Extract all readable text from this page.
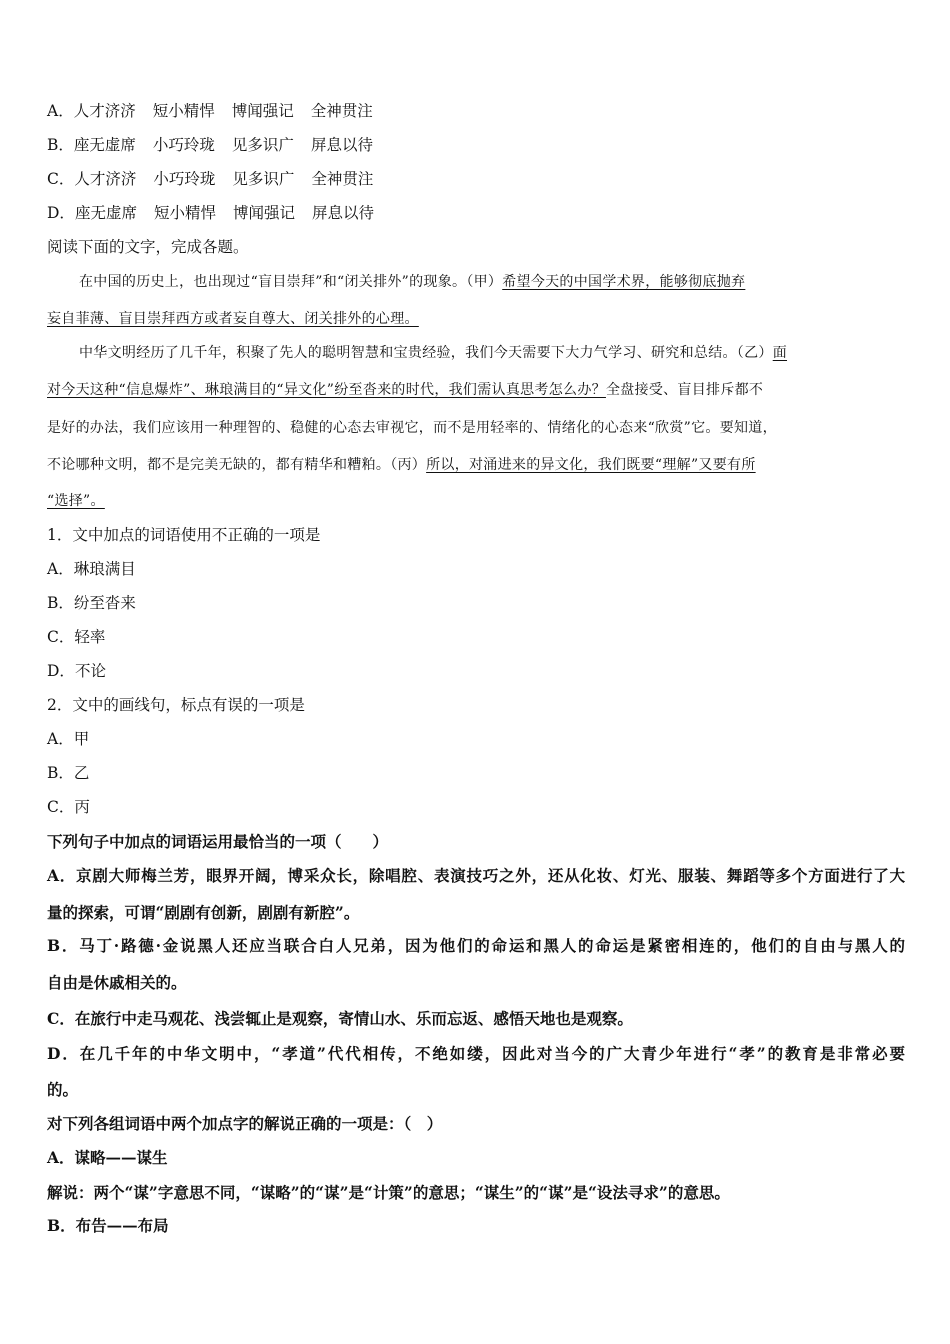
A．人才济济 短小精悍 博闻强记 全神贯注
B．座无虚席 小巧玲珑 见多识广 屏息以待
C．人才济济 小巧玲珑 见多识广 全神贯注
D．座无虚席 短小精悍 博闻强记 屏息以待
阅读下面的文字，完成各题。
在中国的历史上，也出现过“盲目崇拜”和“闭关排外”的现象。（甲）希望今天的中国学术界，能够彻底抛弃
妄自菲薄、盲目崇拜西方或者妄自尊大、闭关排外的心理。
中华文明经历了几千年，积聚了先人的聪明智慧和宝贵经验，我们今天需要下大力气学习、研究和总结。（乙）面
对今天这种“信息爆炸”、琳琅满目的“异文化”纷至沓来的时代，我们需认真思考怎么办？全盘接受、盲目排斥都不
是好的办法，我们应该用一种理智的、稳健的心态去审视它，而不是用轻率的、情绪化的心态来“欣赏”它。要知道，
不论哪种文明，都不是完美无缺的，都有精华和糟粕。（丙）所以，对涌进来的异文化，我们既要“理解”又要有所
“选择”。
1．文中加点的词语使用不正确的一项是
A．琳琅满目
B．纷至沓来
C．轻率
D．不论
2．文中的画线句，标点有误的一项是
A．甲
B．乙
C．丙
下列句子中加点的词语运用最恰当的一项（　　）
A．京剧大师梅兰芳，眼界开阔，博采众长，除唱腔、表演技巧之外，还从化妆、灯光、服装、舞蹈等多个方面进行了大
量的探索，可谓“剧剧有创新，剧剧有新腔”。
B．马丁·路德·金说黑人还应当联合白人兄弟，因为他们的命运和黑人的命运是紧密相连的，他们的自由与黑人的
自由是休戚相关的。
C．在旅行中走马观花、浅尝辄止是观察，寄情山水、乐而忘返、感悟天地也是观察。
D．在几千年的中华文明中，“孝道”代代相传，不绝如缕，因此对当今的广大青少年进行“孝”的教育是非常必要
的。
对下列各组词语中两个加点字的解说正确的一项是：（　）
A．谋略——谋生
解说：两个“谋”字意思不同，“谋略”的“谋”是“计策”的意思；“谋生”的“谋”是“设法寻求”的意思。
B．布告——布局
